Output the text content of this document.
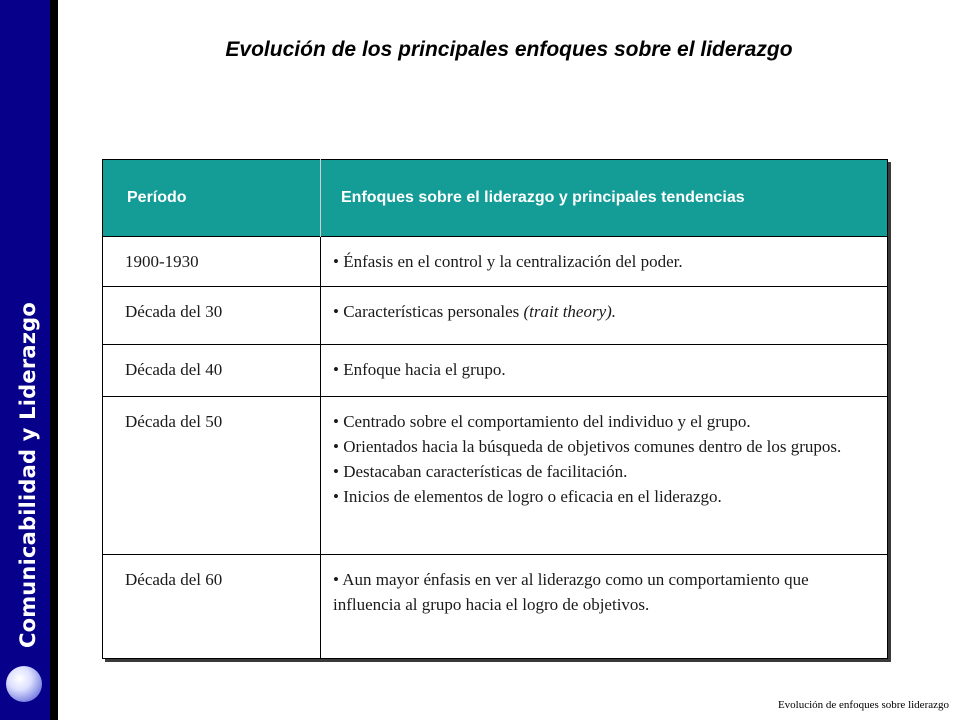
Comunicabilidad y Liderazgo
Evolución de los principales enfoques sobre el liderazgo
Período	Enfoques sobre el liderazgo y principales tendencias
1900-1930	• Énfasis en el control y la centralización del poder.

Década del 30	• Características personales (trait theory).

Década del 40	• Enfoque hacia el grupo.

Década del 50	• Centrado sobre el comportamiento del individuo y el grupo.
• Orientados hacia la búsqueda de objetivos comunes dentro de los grupos.
• Destacaban características de facilitación.
• Inicios de elementos de logro o eficacia en el liderazgo.

Década del 60	• Aun mayor énfasis en ver al liderazgo como un comportamiento que influencia al grupo hacia el logro de objetivos.
Evolución de enfoques sobre liderazgo
